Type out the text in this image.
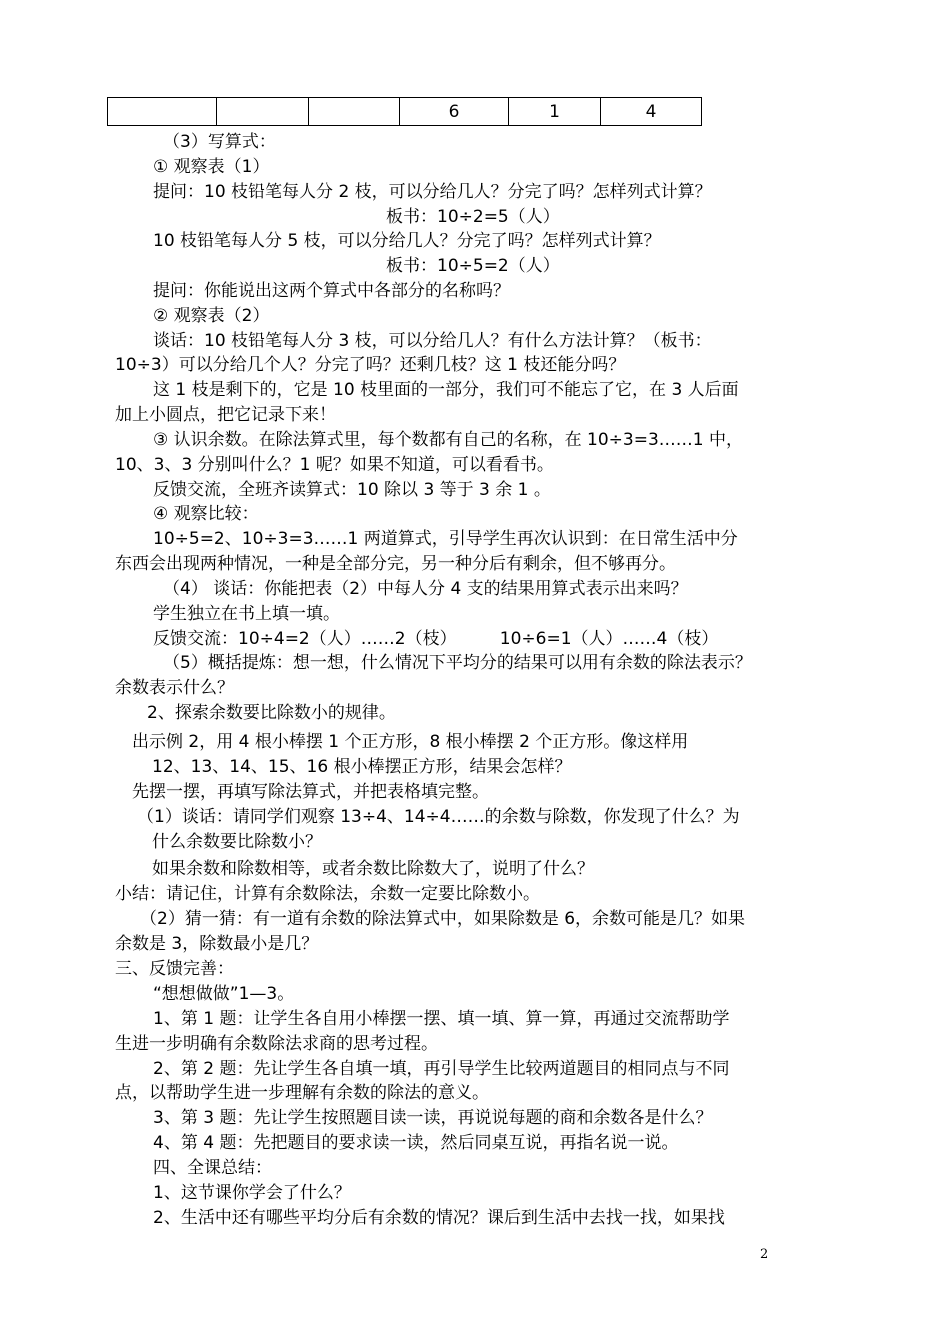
			6	1	4
（3）写算式：
① 观察表（1）
提问：10 枝铅笔每人分 2 枝，可以分给几人？分完了吗？怎样列式计算？
板书：10÷2=5（人）
10 枝铅笔每人分 5 枝，可以分给几人？分完了吗？怎样列式计算？
板书：10÷5=2（人）
提问：你能说出这两个算式中各部分的名称吗？
② 观察表（2）
谈话：10 枝铅笔每人分 3 枝，可以分给几人？有什么方法计算？（板书：
10÷3）可以分给几个人？分完了吗？还剩几枝？这 1 枝还能分吗？
这 1 枝是剩下的，它是 10 枝里面的一部分，我们可不能忘了它，在 3 人后面
加上小圆点，把它记录下来！
③ 认识余数。在除法算式里，每个数都有自己的名称，在 10÷3=3……1 中，
10、3、3 分别叫什么？1 呢？如果不知道，可以看看书。
反馈交流，全班齐读算式：10 除以 3 等于 3 余 1 。
④ 观察比较：
10÷5=2、10÷3=3……1 两道算式，引导学生再次认识到：在日常生活中分
东西会出现两种情况，一种是全部分完，另一种分后有剩余，但不够再分。
（4） 谈话：你能把表（2）中每人分 4 支的结果用算式表示出来吗？
学生独立在书上填一填。
反馈交流：10÷4=2（人）……2（枝）        10÷6=1（人）……4（枝）
（5）概括提炼：想一想，什么情况下平均分的结果可以用有余数的除法表示？
余数表示什么？
2、探索余数要比除数小的规律。
出示例 2，用 4 根小棒摆 1 个正方形，8 根小棒摆 2 个正方形。像这样用
12、13、14、15、16 根小棒摆正方形，结果会怎样？
先摆一摆，再填写除法算式，并把表格填完整。
（1）谈话：请同学们观察 13÷4、14÷4……的余数与除数，你发现了什么？为
什么余数要比除数小？
如果余数和除数相等，或者余数比除数大了，说明了什么？
小结：请记住，计算有余数除法，余数一定要比除数小。
（2）猜一猜：有一道有余数的除法算式中，如果除数是 6，余数可能是几？如果
余数是 3，除数最小是几？
三、反馈完善：
“想想做做”1—3。
1、第 1 题：让学生各自用小棒摆一摆、填一填、算一算，再通过交流帮助学
生进一步明确有余数除法求商的思考过程。
2、第 2 题：先让学生各自填一填，再引导学生比较两道题目的相同点与不同
点，以帮助学生进一步理解有余数的除法的意义。
3、第 3 题：先让学生按照题目读一读，再说说每题的商和余数各是什么？
4、第 4 题：先把题目的要求读一读，然后同桌互说，再指名说一说。
四、全课总结：
1、这节课你学会了什么？
2、生活中还有哪些平均分后有余数的情况？课后到生活中去找一找，如果找
2
